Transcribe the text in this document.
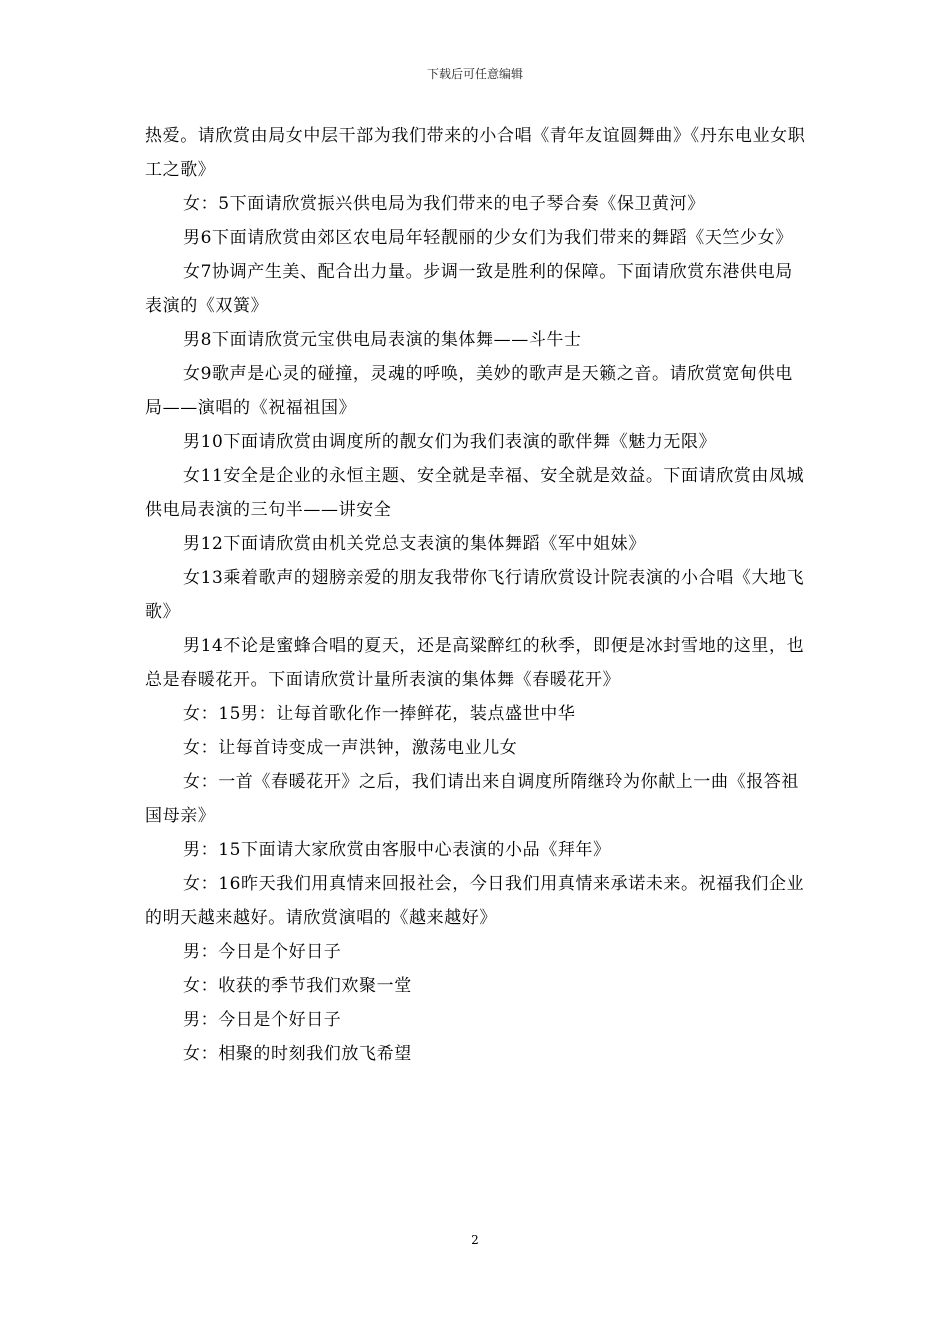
下载后可任意编辑

热爱。请欣赏由局女中层干部为我们带来的小合唱《青年友谊圆舞曲》《丹东电业女职工之歌》

女：5下面请欣赏振兴供电局为我们带来的电子琴合奏《保卫黄河》

男6下面请欣赏由郊区农电局年轻靓丽的少女们为我们带来的舞蹈《天竺少女》

女7协调产生美、配合出力量。步调一致是胜利的保障。下面请欣赏东港供电局表演的《双簧》

男8下面请欣赏元宝供电局表演的集体舞——斗牛士

女9歌声是心灵的碰撞，灵魂的呼唤，美妙的歌声是天籁之音。请欣赏宽甸供电局——演唱的《祝福祖国》

男10下面请欣赏由调度所的靓女们为我们表演的歌伴舞《魅力无限》

女11安全是企业的永恒主题、安全就是幸福、安全就是效益。下面请欣赏由凤城供电局表演的三句半——讲安全

男12下面请欣赏由机关党总支表演的集体舞蹈《军中姐妹》

女13乘着歌声的翅膀亲爱的朋友我带你飞行请欣赏设计院表演的小合唱《大地飞歌》

男14不论是蜜蜂合唱的夏天，还是高粱醉红的秋季，即便是冰封雪地的这里，也总是春暖花开。下面请欣赏计量所表演的集体舞《春暖花开》

女：15男：让每首歌化作一捧鲜花，装点盛世中华

女：让每首诗变成一声洪钟，激荡电业儿女

女：一首《春暖花开》之后，我们请出来自调度所隋继玲为你献上一曲《报答祖国母亲》

男：15下面请大家欣赏由客服中心表演的小品《拜年》

女：16昨天我们用真情来回报社会，今日我们用真情来承诺未来。祝福我们企业的明天越来越好。请欣赏演唱的《越来越好》

男：今日是个好日子

女：收获的季节我们欢聚一堂

男：今日是个好日子

女：相聚的时刻我们放飞希望

2
